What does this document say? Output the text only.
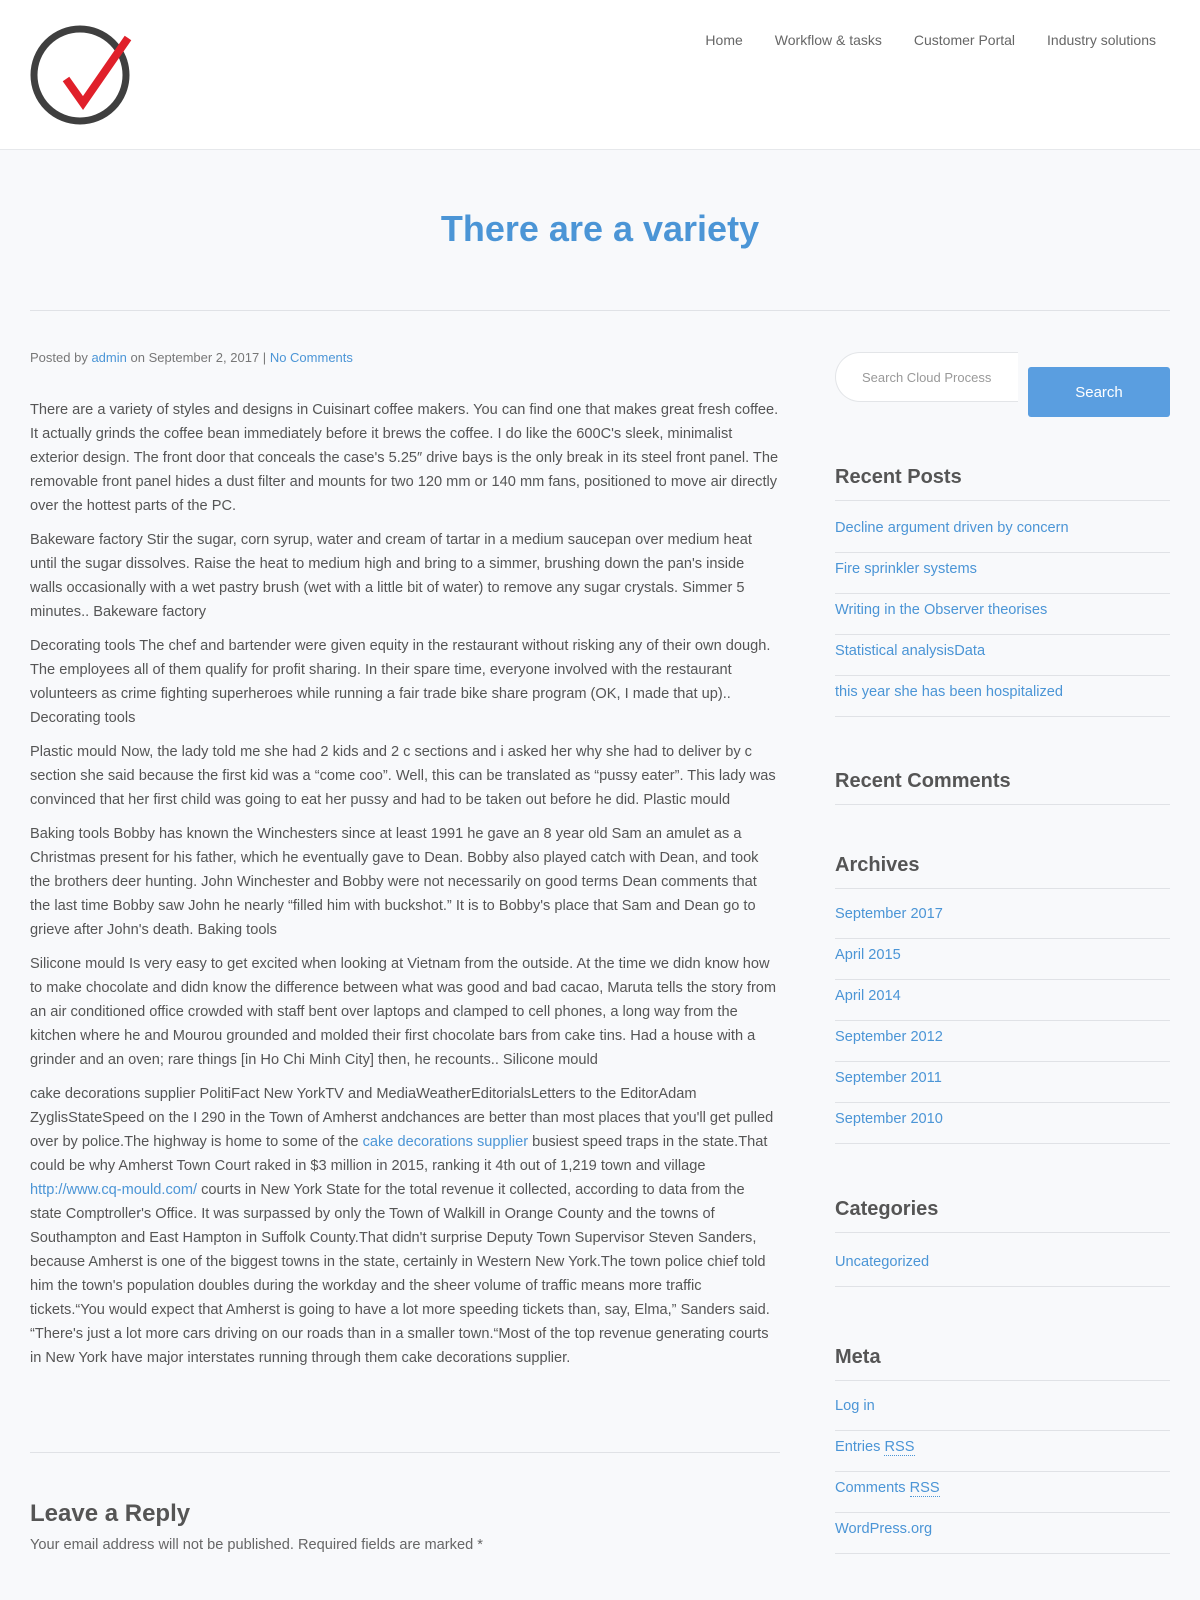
Home Workflow & tasks Customer Portal Industry solutions
There are a variety
Posted by admin on September 2, 2017 | No Comments

There are a variety of styles and designs in Cuisinart coffee makers. You can find one that makes great fresh coffee. It actually grinds the coffee bean immediately before it brews the coffee. I do like the 600C's sleek, minimalist exterior design. The front door that conceals the case's 5.25″ drive bays is the only break in its steel front panel. The removable front panel hides a dust filter and mounts for two 120 mm or 140 mm fans, positioned to move air directly over the hottest parts of the PC.

Bakeware factory Stir the sugar, corn syrup, water and cream of tartar in a medium saucepan over medium heat until the sugar dissolves. Raise the heat to medium high and bring to a simmer, brushing down the pan's inside walls occasionally with a wet pastry brush (wet with a little bit of water) to remove any sugar crystals. Simmer 5 minutes.. Bakeware factory

Decorating tools The chef and bartender were given equity in the restaurant without risking any of their own dough. The employees all of them qualify for profit sharing. In their spare time, everyone involved with the restaurant volunteers as crime fighting superheroes while running a fair trade bike share program (OK, I made that up).. Decorating tools

Plastic mould Now, the lady told me she had 2 kids and 2 c sections and i asked her why she had to deliver by c section she said because the first kid was a “come coo”. Well, this can be translated as “pussy eater”. This lady was convinced that her first child was going to eat her pussy and had to be taken out before he did. Plastic mould

Baking tools Bobby has known the Winchesters since at least 1991 he gave an 8 year old Sam an amulet as a Christmas present for his father, which he eventually gave to Dean. Bobby also played catch with Dean, and took the brothers deer hunting. John Winchester and Bobby were not necessarily on good terms Dean comments that the last time Bobby saw John he nearly “filled him with buckshot.” It is to Bobby's place that Sam and Dean go to grieve after John's death. Baking tools

Silicone mould Is very easy to get excited when looking at Vietnam from the outside. At the time we didn know how to make chocolate and didn know the difference between what was good and bad cacao, Maruta tells the story from an air conditioned office crowded with staff bent over laptops and clamped to cell phones, a long way from the kitchen where he and Mourou grounded and molded their first chocolate bars from cake tins. Had a house with a grinder and an oven; rare things [in Ho Chi Minh City] then, he recounts.. Silicone mould

cake decorations supplier PolitiFact New YorkTV and MediaWeatherEditorialsLetters to the EditorAdam ZyglisStateSpeed on the I 290 in the Town of Amherst andchances are better than most places that you'll get pulled over by police.The highway is home to some of the cake decorations supplier busiest speed traps in the state.That could be why Amherst Town Court raked in $3 million in 2015, ranking it 4th out of 1,219 town and village http://www.cq-mould.com/ courts in New York State for the total revenue it collected, according to data from the state Comptroller's Office. It was surpassed by only the Town of Walkill in Orange County and the towns of Southampton and East Hampton in Suffolk County.That didn't surprise Deputy Town Supervisor Steven Sanders, because Amherst is one of the biggest towns in the state, certainly in Western New York.The town police chief told him the town's population doubles during the workday and the sheer volume of traffic means more traffic tickets.“You would expect that Amherst is going to have a lot more speeding tickets than, say, Elma,” Sanders said. “There's just a lot more cars driving on our roads than in a smaller town.“Most of the top revenue generating courts in New York have major interstates running through them cake decorations supplier.

Leave a Reply

Your email address will not be published. Required fields are marked *

Search Cloud Process
Search
Recent Posts
Decline argument driven by concern
Fire sprinkler systems
Writing in the Observer theorises
Statistical analysisData
this year she has been hospitalized
Recent Comments
Archives
September 2017
April 2015
April 2014
September 2012
September 2011
September 2010
Categories
Uncategorized
Meta
Log in
Entries RSS
Comments RSS
WordPress.org
